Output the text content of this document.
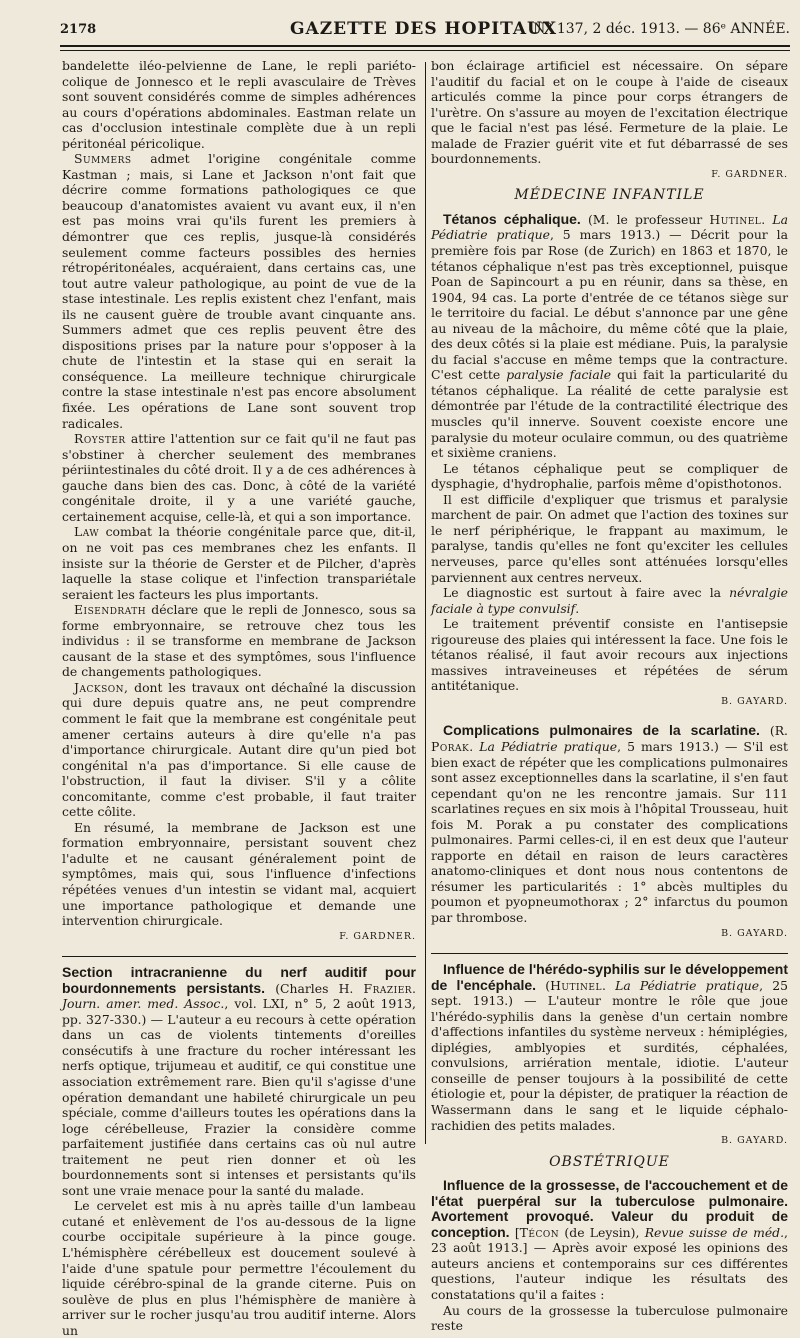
2178	GAZETTE DES HOPITAUX
N° 137, 2 déc. 1913. — 86ᵉ ANNÉE.

bandelette iléo-pelvienne de Lane, le repli pariéto-colique de Jonnesco et le repli avasculaire de Trèves sont souvent considérés comme de simples adhérences au cours d'opérations abdominales. Eastman relate un cas d'occlusion intestinale complète due à un repli péritonéal péricolique.

Summers admet l'origine congénitale comme Kastman ; mais, si Lane et Jackson n'ont fait que décrire comme formations pathologiques ce que beaucoup d'anatomistes avaient vu avant eux, il n'en est pas moins vrai qu'ils furent les premiers à démontrer que ces replis, jusque-là considérés seulement comme facteurs possibles des hernies rétropéritonéales, acquéraient, dans certains cas, une tout autre valeur pathologique, au point de vue de la stase intestinale. Les replis existent chez l'enfant, mais ils ne causent guère de trouble avant cinquante ans. Summers admet que ces replis peuvent être des dispositions prises par la nature pour s'opposer à la chute de l'intestin et la stase qui en serait la conséquence. La meilleure technique chirurgicale contre la stase intestinale n'est pas encore absolument fixée. Les opérations de Lane sont souvent trop radicales.

Royster attire l'attention sur ce fait qu'il ne faut pas s'obstiner à chercher seulement des membranes périintestinales du côté droit. Il y a de ces adhérences à gauche dans bien des cas. Donc, à côté de la variété congénitale droite, il y a une variété gauche, certainement acquise, celle-là, et qui a son importance.

Law combat la théorie congénitale parce que, dit-il, on ne voit pas ces membranes chez les enfants. Il insiste sur la théorie de Gerster et de Pilcher, d'après laquelle la stase colique et l'infection transpariétale seraient les facteurs les plus importants.

Eisendrath déclare que le repli de Jonnesco, sous sa forme embryonnaire, se retrouve chez tous les individus : il se transforme en membrane de Jackson causant de la stase et des symptômes, sous l'influence de changements pathologiques.

Jackson, dont les travaux ont déchaîné la discussion qui dure depuis quatre ans, ne peut comprendre comment le fait que la membrane est congénitale peut amener certains auteurs à dire qu'elle n'a pas d'importance chirurgicale. Autant dire qu'un pied bot congénital n'a pas d'importance. Si elle cause de l'obstruction, il faut la diviser. S'il y a côlite concomitante, comme c'est probable, il faut traiter cette côlite.

En résumé, la membrane de Jackson est une formation embryonnaire, persistant souvent chez l'adulte et ne causant généralement point de symptômes, mais qui, sous l'influence d'infections répétées venues d'un intestin se vidant mal, acquiert une importance pathologique et demande une intervention chirurgicale.
F. GARDNER.

Section intracranienne du nerf auditif pour bourdonnements persistants. (Charles H. Frazier. Journ. amer. med. Assoc., vol. LXI, n° 5, 2 août 1913, pp. 327-330.) — L'auteur a eu recours à cette opération dans un cas de violents tintements d'oreilles consécutifs à une fracture du rocher intéressant les nerfs optique, trijumeau et auditif, ce qui constitue une association extrêmement rare. Bien qu'il s'agisse d'une opération demandant une habileté chirurgicale un peu spéciale, comme d'ailleurs toutes les opérations dans la loge cérébelleuse, Frazier la considère comme parfaitement justifiée dans certains cas où nul autre traitement ne peut rien donner et où les bourdonnements sont si intenses et persistants qu'ils sont une vraie menace pour la santé du malade.

Le cervelet est mis à nu après taille d'un lambeau cutané et enlèvement de l'os au-dessous de la ligne courbe occipitale supérieure à la pince gouge. L'hémisphère cérébelleux est doucement soulevé à l'aide d'une spatule pour permettre l'écoulement du liquide cérébro-spinal de la grande citerne. Puis on soulève de plus en plus l'hémisphère de manière à arriver sur le rocher jusqu'au trou auditif interne. Alors un

bon éclairage artificiel est nécessaire. On sépare l'auditif du facial et on le coupe à l'aide de ciseaux articulés comme la pince pour corps étrangers de l'urètre. On s'assure au moyen de l'excitation électrique que le facial n'est pas lésé. Fermeture de la plaie. Le malade de Frazier guérit vite et fut débarrassé de ses bourdonnements.
F. GARDNER.

MÉDECINE INFANTILE

Tétanos céphalique. (M. le professeur Hutinel. La Pédiatrie pratique, 5 mars 1913.) — Décrit pour la première fois par Rose (de Zurich) en 1863 et 1870, le tétanos céphalique n'est pas très exceptionnel, puisque Poan de Sapincourt a pu en réunir, dans sa thèse, en 1904, 94 cas. La porte d'entrée de ce tétanos siège sur le territoire du facial. Le début s'annonce par une gêne au niveau de la mâchoire, du même côté que la plaie, des deux côtés si la plaie est médiane. Puis, la paralysie du facial s'accuse en même temps que la contracture. C'est cette paralysie faciale qui fait la particularité du tétanos céphalique. La réalité de cette paralysie est démontrée par l'étude de la contractilité électrique des muscles qu'il innerve. Souvent coexiste encore une paralysie du moteur oculaire commun, ou des quatrième et sixième craniens.

Le tétanos céphalique peut se compliquer de dysphagie, d'hydrophalie, parfois même d'opisthotonos.

Il est difficile d'expliquer que trismus et paralysie marchent de pair. On admet que l'action des toxines sur le nerf périphérique, le frappant au maximum, le paralyse, tandis qu'elles ne font qu'exciter les cellules nerveuses, parce qu'elles sont atténuées lorsqu'elles parviennent aux centres nerveux.

Le diagnostic est surtout à faire avec la névralgie faciale à type convulsif.

Le traitement préventif consiste en l'antisepsie rigoureuse des plaies qui intéressent la face. Une fois le tétanos réalisé, il faut avoir recours aux injections massives intraveineuses et répétées de sérum antitétanique.
B. GAYARD.

Complications pulmonaires de la scarlatine. (R. Porak. La Pédiatrie pratique, 5 mars 1913.) — S'il est bien exact de répéter que les complications pulmonaires sont assez exceptionnelles dans la scarlatine, il s'en faut cependant qu'on ne les rencontre jamais. Sur 111 scarlatines reçues en six mois à l'hôpital Trousseau, huit fois M. Porak a pu constater des complications pulmonaires. Parmi celles-ci, il en est deux que l'auteur rapporte en détail en raison de leurs caractères anatomo-cliniques et dont nous nous contentons de résumer les particularités : 1° abcès multiples du poumon et pyopneumothorax ; 2° infarctus du poumon par thrombose.
B. GAYARD.

Influence de l'hérédo-syphilis sur le développement de l'encéphale. (Hutinel. La Pédiatrie pratique, 25 sept. 1913.) — L'auteur montre le rôle que joue l'hérédo-syphilis dans la genèse d'un certain nombre d'affections infantiles du système nerveux : hémiplégies, diplégies, amblyopies et surdités, céphalées, convulsions, arriération mentale, idiotie. L'auteur conseille de penser toujours à la possibilité de cette étiologie et, pour la dépister, de pratiquer la réaction de Wassermann dans le sang et le liquide céphalo-rachidien des petits malades.
B. GAYARD.

OBSTÉTRIQUE

Influence de la grossesse, de l'accouchement et de l'état puerpéral sur la tuberculose pulmonaire. Avortement provoqué. Valeur du produit de conception. [Técon (de Leysin), Revue suisse de méd., 23 août 1913.] — Après avoir exposé les opinions des auteurs anciens et contemporains sur ces différentes questions, l'auteur indique les résultats des constatations qu'il a faites :

Au cours de la grossesse la tuberculose pulmonaire reste
